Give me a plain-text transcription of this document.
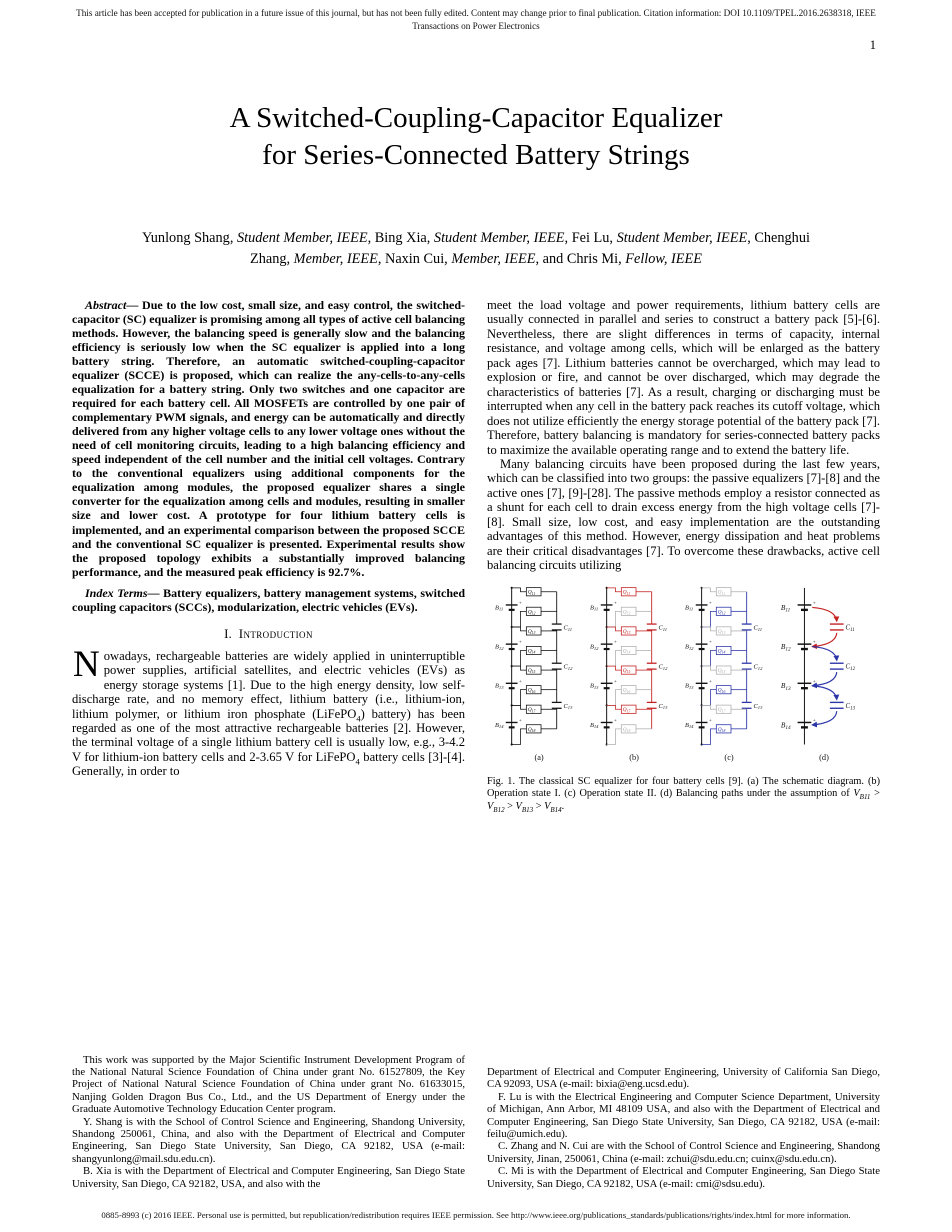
This article has been accepted for publication in a future issue of this journal, but has not been fully edited. Content may change prior to final publication. Citation information: DOI 10.1109/TPEL.2016.2638318, IEEE
Transactions on Power Electronics
1
A Switched-Coupling-Capacitor Equalizer
for Series-Connected Battery Strings
Yunlong Shang, Student Member, IEEE, Bing Xia, Student Member, IEEE, Fei Lu, Student Member, IEEE, Chenghui Zhang, Member, IEEE, Naxin Cui, Member, IEEE, and Chris Mi, Fellow, IEEE

Abstract— Due to the low cost, small size, and easy control, the switched-capacitor (SC) equalizer is promising among all types of active cell balancing methods. However, the balancing speed is generally slow and the balancing efficiency is seriously low when the SC equalizer is applied into a long battery string. Therefore, an automatic switched-coupling-capacitor equalizer (SCCE) is proposed, which can realize the any-cells-to-any-cells equalization for a battery string. Only two switches and one capacitor are required for each battery cell. All MOSFETs are controlled by one pair of complementary PWM signals, and energy can be automatically and directly delivered from any higher voltage cells to any lower voltage ones without the need of cell monitoring circuits, leading to a high balancing efficiency and speed independent of the cell number and the initial cell voltages. Contrary to the conventional equalizers using additional components for the equalization among modules, the proposed equalizer shares a single converter for the equalization among cells and modules, resulting in smaller size and lower cost. A prototype for four lithium battery cells is implemented, and an experimental comparison between the proposed SCCE and the conventional SC equalizer is presented. Experimental results show the proposed topology exhibits a substantially improved balancing performance, and the measured peak efficiency is 92.7%.

Index Terms— Battery equalizers, battery management systems, switched coupling capacitors (SCCs), modularization, electric vehicles (EVs).

I. Introduction

Nowadays, rechargeable batteries are widely applied in uninterruptible power supplies, artificial satellites, and electric vehicles (EVs) as energy storage systems [1]. Due to the high energy density, low self-discharge rate, and no memory effect, lithium battery (i.e., lithium-ion, lithium polymer, or lithium iron phosphate (LiFePO$_4$) battery) has been regarded as one of the most attractive rechargeable batteries [2]. However, the terminal voltage of a single lithium battery cell is usually low, e.g., 3-4.2 V for lithium-ion battery cells and 2-3.65 V for LiFePO$_4$ battery cells [3]-[4]. Generally, in order to

This work was supported by the Major Scientific Instrument Development Program of the National Natural Science Foundation of China under grant No. 61527809, the Key Project of National Natural Science Foundation of China under grant No. 61633015, Nanjing Golden Dragon Bus Co., Ltd., and the US Department of Energy under the Graduate Automotive Technology Education Center program.

Y. Shang is with the School of Control Science and Engineering, Shandong University, Shandong 250061, China, and also with the Department of Electrical and Computer Engineering, San Diego State University, San Diego, CA 92182, USA (e-mail: shangyunlong@mail.sdu.edu.cn).

B. Xia is with the Department of Electrical and Computer Engineering, San Diego State University, San Diego, CA 92182, USA, and also with the

meet the load voltage and power requirements, lithium battery cells are usually connected in parallel and series to construct a battery pack [5]-[6]. Nevertheless, there are slight differences in terms of capacity, internal resistance, and voltage among cells, which will be enlarged as the battery pack ages [7]. Lithium batteries cannot be overcharged, which may lead to explosion or fire, and cannot be over discharged, which may degrade the characteristics of batteries [7]. As a result, charging or discharging must be interrupted when any cell in the battery pack reaches its cutoff voltage, which does not utilize efficiently the energy storage potential of the battery pack [7]. Therefore, battery balancing is mandatory for series-connected battery packs to maximize the available operating range and to extend the battery life.

Many balancing circuits have been proposed during the last few years, which can be classified into two groups: the passive equalizers [7]-[8] and the active ones [7], [9]-[28]. The passive methods employ a resistor connected as a shunt for each cell to drain excess energy from the high voltage cells [7]-[8]. Small size, low cost, and easy implementation are the outstanding advantages of this method. However, energy dissipation and heat problems are their critical disadvantages [7]. To overcome these drawbacks, active cell balancing circuits utilizing

+
$B_{11}$
+
$B_{12}$
+
$B_{13}$
+
$B_{14}$
$C_{11}$
$C_{12}$
$C_{13}$
$Q_{11}$
$Q_{12}$
$Q_{13}$
$Q_{14}$
$Q_{15}$
$Q_{16}$
$Q_{17}$
$Q_{18}$
(a)
+
$B_{11}$
+
$B_{12}$
+
$B_{13}$
+
$B_{14}$
$C_{11}$
$C_{12}$
$C_{13}$
$Q_{11}$
$Q_{12}$
$Q_{13}$
$Q_{14}$
$Q_{15}$
$Q_{16}$
$Q_{17}$
$Q_{18}$
(b)
+
$B_{11}$
+
$B_{12}$
+
$B_{13}$
+
$B_{14}$
$C_{11}$
$C_{12}$
$C_{13}$
$Q_{11}$
$Q_{12}$
$Q_{13}$
$Q_{14}$
$Q_{15}$
$Q_{16}$
$Q_{17}$
$Q_{18}$
(c)
+
$B_{11}$
+
$B_{12}$
+
$B_{13}$
+
$B_{14}$
$C_{11}$
$C_{12}$
$C_{13}$
(d)

Fig. 1. The classical SC equalizer for four battery cells [9]. (a) The schematic diagram. (b) Operation state I. (c) Operation state II. (d) Balancing paths under the assumption of $V_{B11} > V_{B12} > V_{B13} > V_{B14}$.

Department of Electrical and Computer Engineering, University of California San Diego, CA 92093, USA (e-mail: bixia@eng.ucsd.edu).

F. Lu is with the Electrical Engineering and Computer Science Department, University of Michigan, Ann Arbor, MI 48109 USA, and also with the Department of Electrical and Computer Engineering, San Diego State University, San Diego, CA 92182, USA (e-mail: feilu@umich.edu).

C. Zhang and N. Cui are with the School of Control Science and Engineering, Shandong University, Jinan, 250061, China (e-mail: zchui@sdu.edu.cn; cuinx@sdu.edu.cn).

C. Mi is with the Department of Electrical and Computer Engineering, San Diego State University, San Diego, CA 92182, USA (e-mail: cmi@sdsu.edu).

0885-8993 (c) 2016 IEEE. Personal use is permitted, but republication/redistribution requires IEEE permission. See http://www.ieee.org/publications_standards/publications/rights/index.html for more information.
